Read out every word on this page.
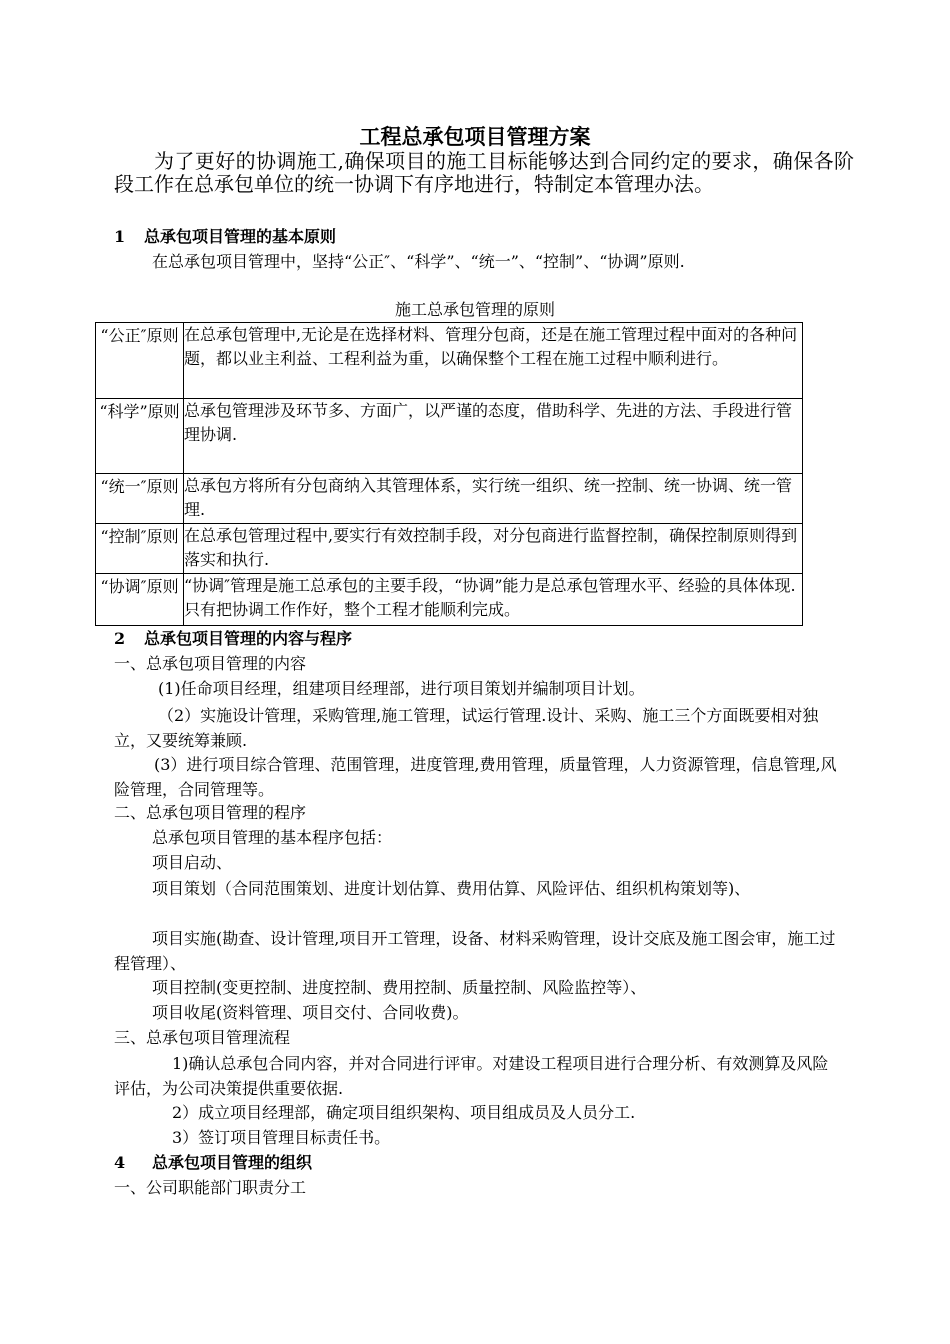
工程总承包项目管理方案
为了更好的协调施工,确保项目的施工目标能够达到合同约定的要求，确保各阶段工作在总承包单位的统一协调下有序地进行，特制定本管理办法。
1 总承包项目管理的基本原则
在总承包项目管理中，坚持“公正″、“科学”、“统一”、“控制”、“协调”原则.
施工总承包管理的原则
“公正″原则	在总承包管理中,无论是在选择材料、管理分包商，还是在施工管理过程中面对的各种问题，都以业主利益、工程利益为重，以确保整个工程在施工过程中顺利进行。
“科学”原则	总承包管理涉及环节多、方面广，以严谨的态度，借助科学、先进的方法、手段进行管理协调.
“统一″原则	总承包方将所有分包商纳入其管理体系，实行统一组织、统一控制、统一协调、统一管理.
“控制″原则	在总承包管理过程中,要实行有效控制手段，对分包商进行监督控制，确保控制原则得到落实和执行.
“协调″原则	“协调″管理是施工总承包的主要手段，“协调”能力是总承包管理水平、经验的具体体现.只有把协调工作作好，整个工程才能顺利完成。
2 总承包项目管理的内容与程序
一、总承包项目管理的内容
(1)任命项目经理，组建项目经理部，进行项目策划并编制项目计划。
（2）实施设计管理，采购管理,施工管理，试运行管理.设计、采购、施工三个方面既要相对独立，又要统筹兼顾.
(3）进行项目综合管理、范围管理，进度管理,费用管理，质量管理，人力资源管理，信息管理,风险管理，合同管理等。
二、总承包项目管理的程序
总承包项目管理的基本程序包括：
项目启动、
项目策划（合同范围策划、进度计划估算、费用估算、风险评估、组织机构策划等)、
项目实施(勘查、设计管理,项目开工管理，设备、材料采购管理，设计交底及施工图会审，施工过程管理）、
项目控制(变更控制、进度控制、费用控制、质量控制、风险监控等）、
项目收尾(资料管理、项目交付、合同收费)。
三、总承包项目管理流程
1)确认总承包合同内容，并对合同进行评审。对建设工程项目进行合理分析、有效测算及风险评估，为公司决策提供重要依据.
2）成立项目经理部，确定项目组织架构、项目组成员及人员分工.
3）签订项目管理目标责任书。
4 总承包项目管理的组织
一、公司职能部门职责分工
